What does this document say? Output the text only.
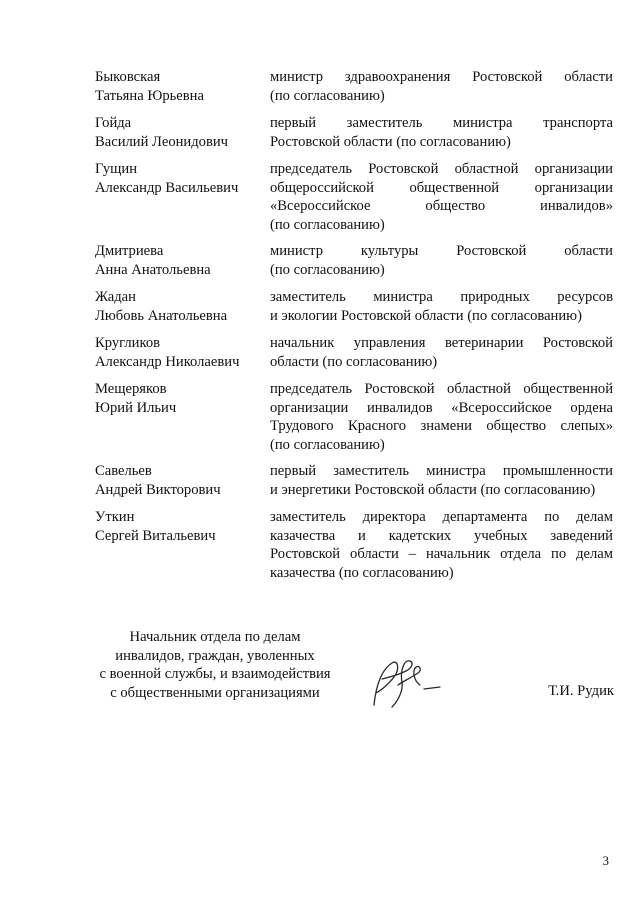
Быковская
Татьяна Юрьевна
министр здравоохранения Ростовской области
(по согласованию)
Гойда
Василий Леонидович
первый заместитель министра транспорта
Ростовской области (по согласованию)
Гущин
Александр Васильевич
председатель Ростовской областной организации
общероссийской общественной организации
«Всероссийское общество инвалидов»
(по согласованию)
Дмитриева
Анна Анатольевна
министр культуры Ростовской области
(по согласованию)
Жадан
Любовь Анатольевна
заместитель министра природных ресурсов
и экологии Ростовской области (по согласованию)
Кругликов
Александр Николаевич
начальник управления ветеринарии Ростовской
области (по согласованию)
Мещеряков
Юрий Ильич
председатель Ростовской областной общественной
организации инвалидов «Всероссийское ордена
Трудового Красного знамени общество слепых»
(по согласованию)
Савельев
Андрей Викторович
первый заместитель министра промышленности
и энергетики Ростовской области (по согласованию)
Уткин
Сергей Витальевич
заместитель директора департамента по делам
казачества и кадетских учебных заведений
Ростовской области – начальник отдела по делам
казачества (по согласованию)
Начальник отдела по делам
инвалидов, граждан, уволенных
с военной службы, и взаимодействия
с общественными организациями	Т.И. Рудик
3
